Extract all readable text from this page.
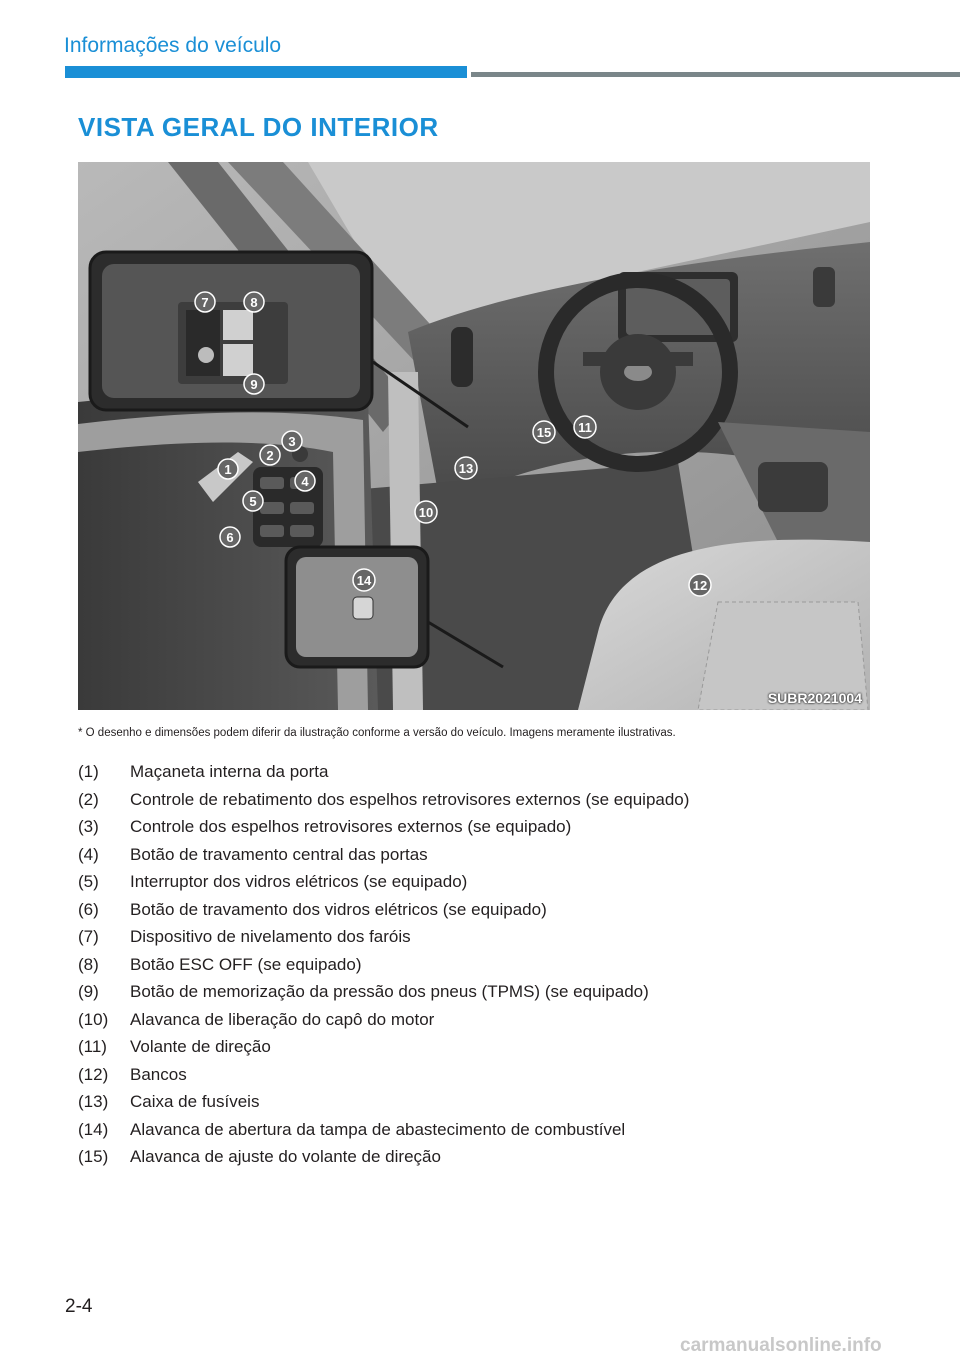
Informações do veículo
VISTA GERAL DO INTERIOR
1
2
3
4
5
6
7	8
9
10
11
12
13
14
15
SUBR2021004
* O desenho e dimensões podem diferir da ilustração conforme a versão do veículo. Imagens meramente ilustrativas.
(1) Maçaneta interna da porta
(2) Controle de rebatimento dos espelhos retrovisores externos (se equipado)
(3) Controle dos espelhos retrovisores externos (se equipado)
(4) Botão de travamento central das portas
(5) Interruptor dos vidros elétricos (se equipado)
(6) Botão de travamento dos vidros elétricos (se equipado)
(7) Dispositivo de nivelamento dos faróis
(8) Botão ESC OFF (se equipado)
(9) Botão de memorização da pressão dos pneus (TPMS) (se equipado)
(10) Alavanca de liberação do capô do motor
(11) Volante de direção
(12) Bancos
(13) Caixa de fusíveis
(14) Alavanca de abertura da tampa de abastecimento de combustível
(15) Alavanca de ajuste do volante de direção
2-4
carmanualsonline.info
